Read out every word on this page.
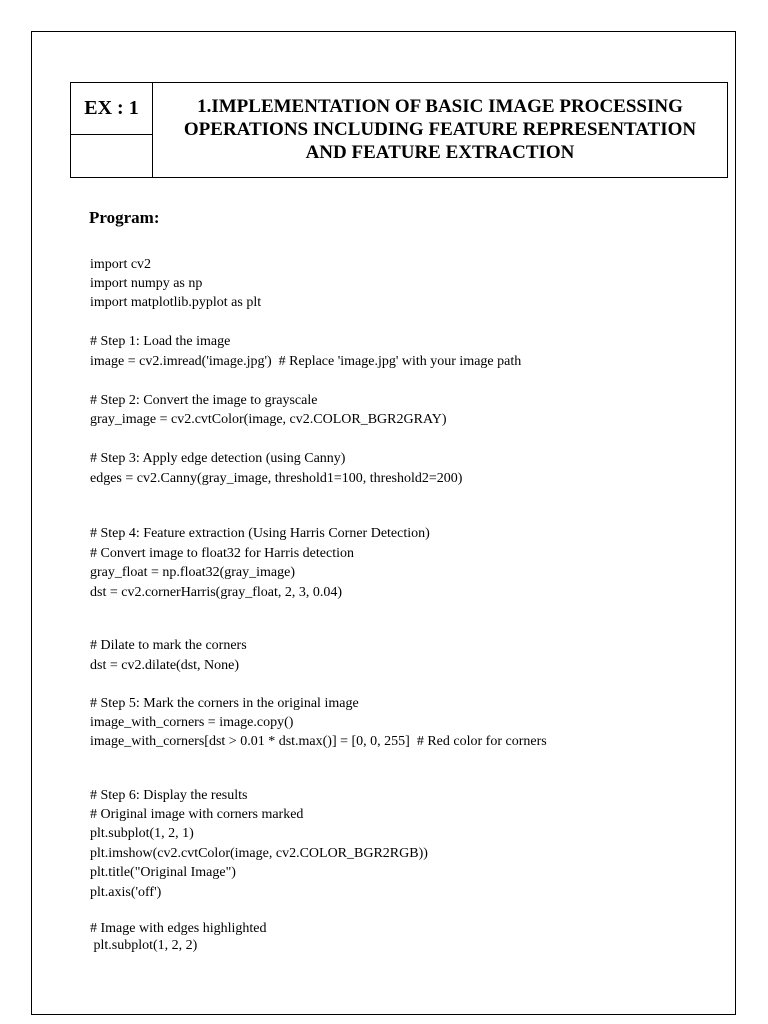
EX : 1	1.IMPLEMENTATION OF BASIC IMAGE PROCESSING
OPERATIONS INCLUDING FEATURE REPRESENTATION
AND FEATURE EXTRACTION
Program:
import cv2
import numpy as np
import matplotlib.pyplot as plt
# Step 1: Load the image
image = cv2.imread('image.jpg')  # Replace 'image.jpg' with your image path
# Step 2: Convert the image to grayscale
gray_image = cv2.cvtColor(image, cv2.COLOR_BGR2GRAY)
# Step 3: Apply edge detection (using Canny)
edges = cv2.Canny(gray_image, threshold1=100, threshold2=200)
# Step 4: Feature extraction (Using Harris Corner Detection)
# Convert image to float32 for Harris detection
gray_float = np.float32(gray_image)
dst = cv2.cornerHarris(gray_float, 2, 3, 0.04)
# Dilate to mark the corners
dst = cv2.dilate(dst, None)
# Step 5: Mark the corners in the original image
image_with_corners = image.copy()
image_with_corners[dst > 0.01 * dst.max()] = [0, 0, 255]  # Red color for corners
# Step 6: Display the results
# Original image with corners marked
plt.subplot(1, 2, 1)
plt.imshow(cv2.cvtColor(image, cv2.COLOR_BGR2RGB))
plt.title("Original Image")
plt.axis('off')
# Image with edges highlighted
plt.subplot(1, 2, 2)
